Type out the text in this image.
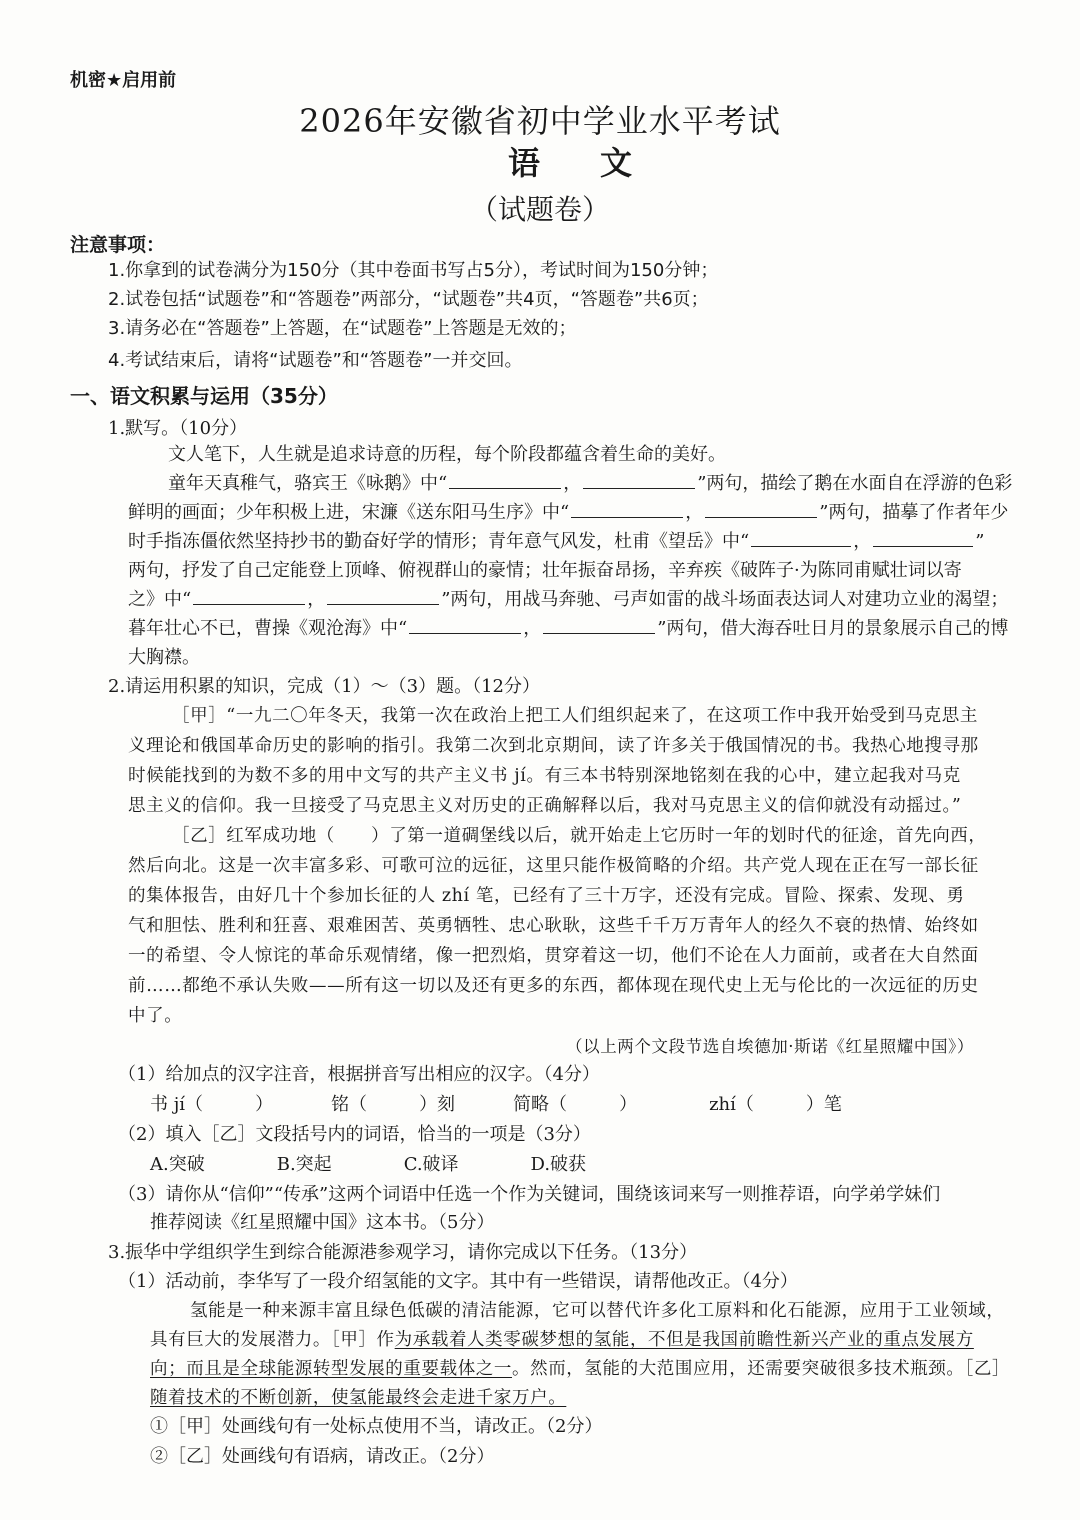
机密★启用前
2026年安徽省初中学业水平考试
语文
（试题卷）
注意事项：
1.你拿到的试卷满分为150分（其中卷面书写占5分），考试时间为150分钟；
2.试卷包括“试题卷”和“答题卷”两部分，“试题卷”共4页，“答题卷”共6页；
3.请务必在“答题卷”上答题，在“试题卷”上答题是无效的；
4.考试结束后，请将“试题卷”和“答题卷”一并交回。
一、语文积累与运用（35分）
1.默写。（10分）
文人笔下，人生就是追求诗意的历程，每个阶段都蕴含着生命的美好。
童年天真稚气，骆宾王《咏鹅》中“	，	”两句，描绘了鹅在水面自在浮游的色彩
鲜明的画面；少年积极上进，宋濂《送东阳马生序》中“	，	”两句，描摹了作者年少
时手指冻僵依然坚持抄书的勤奋好学的情形；青年意气风发，杜甫《望岳》中“	，	”
两句，抒发了自己定能登上顶峰、俯视群山的豪情；壮年振奋昂扬，辛弃疾《破阵子·为陈同甫赋壮词以寄
之》中“	，	”两句，用战马奔驰、弓声如雷的战斗场面表达词人对建功立业的渴望；
暮年壮心不已，曹操《观沧海》中“	，	”两句，借大海吞吐日月的景象展示自己的博
大胸襟。
2.请运用积累的知识，完成（1）～（3）题。（12分）
［甲］“一九二〇年冬天，我第一次在政治上把工人们组织起来了，在这项工作中我开始受到马克思主
义理论和俄国革命历史的影响的指引。我第二次到北京期间，读了许多关于俄国情况的书。我热心地搜寻那
时候能找到的为数不多的用中文写的共产主义书 jí。有三本书特别深地铭刻在我的心中，建立起我对马克
思主义的信仰。我一旦接受了马克思主义对历史的正确解释以后，我对马克思主义的信仰就没有动摇过。”
［乙］红军成功地（　　）了第一道碉堡线以后，就开始走上它历时一年的划时代的征途，首先向西，
然后向北。这是一次丰富多彩、可歌可泣的远征，这里只能作极简略的介绍。共产党人现在正在写一部长征
的集体报告，由好几十个参加长征的人 zhí 笔，已经有了三十万字，还没有完成。冒险、探索、发现、勇
气和胆怯、胜利和狂喜、艰难困苦、英勇牺牲、忠心耿耿，这些千千万万青年人的经久不衰的热情、始终如
一的希望、令人惊诧的革命乐观情绪，像一把烈焰，贯穿着这一切，他们不论在人力面前，或者在大自然面
前……都绝不承认失败——所有这一切以及还有更多的东西，都体现在现代史上无与伦比的一次远征的历史
中了。
（以上两个文段节选自埃德加·斯诺《红星照耀中国》）
（1）给加点的汉字注音，根据拼音写出相应的汉字。（4分）
书 jí（	）	铭（	）刻	简略（	）	zhí（	）笔
（2）填入［乙］文段括号内的词语，恰当的一项是（3分）
A.突破	B.突起	C.破译	D.破获
（3）请你从“信仰”“传承”这两个词语中任选一个作为关键词，围绕该词来写一则推荐语，向学弟学妹们
推荐阅读《红星照耀中国》这本书。（5分）
3.振华中学组织学生到综合能源港参观学习，请你完成以下任务。（13分）
（1）活动前，李华写了一段介绍氢能的文字。其中有一些错误，请帮他改正。（4分）
氢能是一种来源丰富且绿色低碳的清洁能源，它可以替代许多化工原料和化石能源，应用于工业领域，
具有巨大的发展潜力。［甲］作为承载着人类零碳梦想的氢能，不但是我国前瞻性新兴产业的重点发展方
向；而且是全球能源转型发展的重要载体之一。然而，氢能的大范围应用，还需要突破很多技术瓶颈。［乙］
随着技术的不断创新，使氢能最终会走进千家万户。
①［甲］处画线句有一处标点使用不当，请改正。（2分）
②［乙］处画线句有语病，请改正。（2分）
